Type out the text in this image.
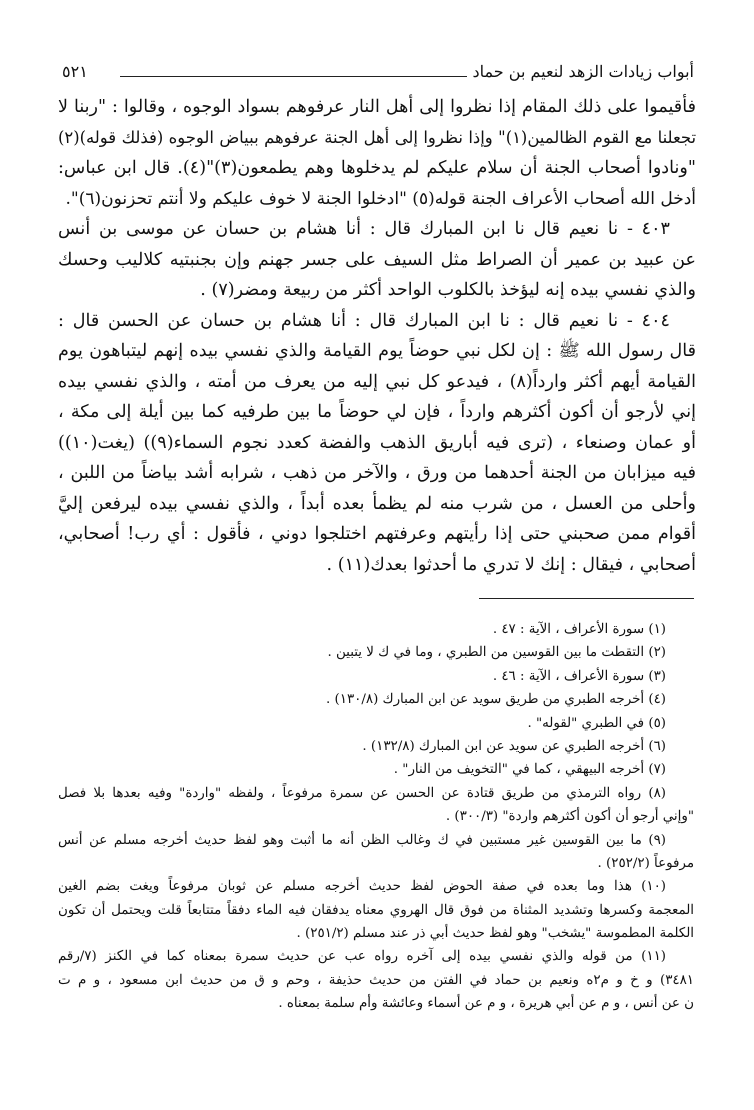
أبواب زيادات الزهد لنعيم بن حماد
٥٢١
فأقيموا على ذلك المقام إذا نظروا إلى أهل النار عرفوهم بسواد الوجوه ، وقالوا : "ربنا لا
تجعلنا مع القوم الظالمين(١)" وإذا نظروا إلى أهل الجنة عرفوهم ببياض الوجوه (فذلك قوله)(٢)
"ونادوا أصحاب الجنة أن سلام عليكم لم يدخلوها وهم يطمعون(٣)"(٤). قال ابن عباس:
أدخل الله أصحاب الأعراف الجنة قوله(٥) "ادخلوا الجنة لا خوف عليكم ولا أنتم تحزنون(٦)".
٤٠٣ - نا نعيم قال نا ابن المبارك قال : أنا هشام بن حسان عن موسى بن أنس
عن عبيد بن عمير أن الصراط مثل السيف على جسر جهنم وإن بجنبتيه كلاليب وحسك
والذي نفسي بيده إنه ليؤخذ بالكلوب الواحد أكثر من ربيعة ومضر(٧) .
٤٠٤ - نا نعيم قال : نا ابن المبارك قال : أنا هشام بن حسان عن الحسن قال :
قال رسول الله ﷺ : إن لكل نبي حوضاً يوم القيامة والذي نفسي بيده إنهم ليتباهون يوم
القيامة أيهم أكثر وارداً(٨) ، فيدعو كل نبي إليه من يعرف من أمته ، والذي نفسي بيده
إني لأرجو أن أكون أكثرهم وارداً ، فإن لي حوضاً ما بين طرفيه كما بين أيلة إلى مكة ،
أو عمان وصنعاء ، (ترى فيه أباريق الذهب والفضة كعدد نجوم السماء(٩)) (يغت(١٠))
فيه ميزابان من الجنة أحدهما من ورق ، والآخر من ذهب ، شرابه أشد بياضاً من اللبن ،
وأحلى من العسل ، من شرب منه لم يظمأ بعده أبداً ، والذي نفسي بيده ليرفعن إليَّ
أقوام ممن صحبني حتى إذا رأيتهم وعرفتهم اختلجوا دوني ، فأقول : أي رب! أصحابي،
أصحابي ، فيقال : إنك لا تدري ما أحدثوا بعدك(١١) .
(١) سورة الأعراف ، الآية : ٤٧ .
(٢) التقطت ما بين القوسين من الطبري ، وما في ك لا يتبين .
(٣) سورة الأعراف ، الآية : ٤٦ .
(٤) أخرجه الطبري من طريق سويد عن ابن المبارك (١٣٠/٨) .
(٥) في الطبري "لقوله" .
(٦) أخرجه الطبري عن سويد عن ابن المبارك (١٣٢/٨) .
(٧) أخرجه البيهقي ، كما في "التخويف من النار" .
(٨) رواه الترمذي من طريق قتادة عن الحسن عن سمرة مرفوعاً ، ولفظه "واردة" وفيه بعدها بلا فصل
"وإني أرجو أن أكون أكثرهم واردة" (٣٠٠/٣) .
(٩) ما بين القوسين غير مستبين في ك وغالب الظن أنه ما أثبت وهو لفظ حديث أخرجه مسلم عن أنس
مرفوعاً (٢٥٢/٢) .
(١٠) هذا وما بعده في صفة الحوض لفظ حديث أخرجه مسلم عن ثوبان مرفوعاً ويغت بضم الغين
المعجمة وكسرها وتشديد المثناة من فوق قال الهروي معناه يدفقان فيه الماء دفقاً متتابعاً قلت ويحتمل أن تكون
الكلمة المطموسة "يشخب" وهو لفظ حديث أبي ذر عند مسلم (٢٥١/٢) .
(١١) من قوله والذي نفسي بيده إلى آخره رواه عب عن حديث سمرة بمعناه كما في الكنز (٧/رقم
٣٤٨١) و خ و م٢ه ونعيم بن حماد في الفتن من حديث حذيفة ، وحم و ق من حديث ابن مسعود ، و م ت
ن عن أنس ، و م عن أبي هريرة ، و م عن أسماء وعائشة وأم سلمة بمعناه .
